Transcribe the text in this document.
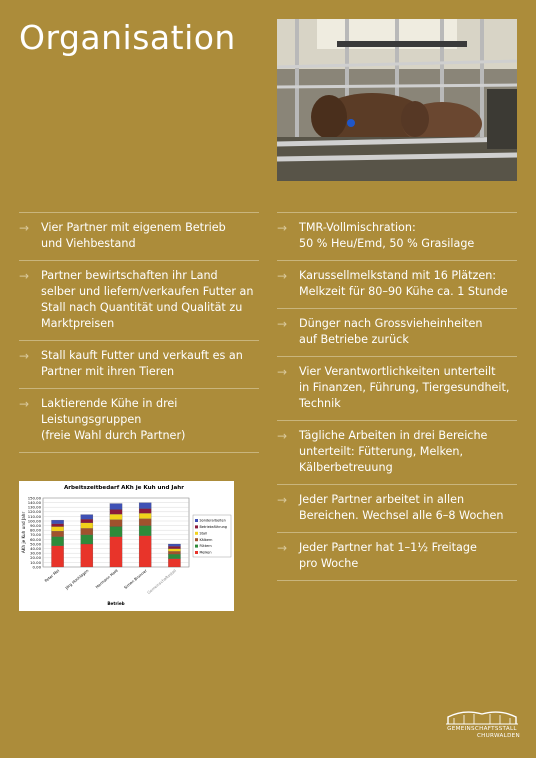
Organisation
→ Vier Partner mit eigenem Betrieb
und Viehbestand
→ Partner bewirtschaften ihr Land
selber und liefern/verkaufen Futter an
Stall nach Quantität und Qualität zu
Marktpreisen
→ Stall kauft Futter und verkauft es an
Partner mit ihren Tieren
→ Laktierende Kühe in drei
Leistungsgruppen
(freie Wahl durch Partner)
→ TMR-Vollmischration:
50 % Heu/Emd, 50 % Grasilage
→ Karussellmelkstand mit 16 Plätzen:
Melkzeit für 80–90 Kühe ca. 1 Stunde
→ Dünger nach Grossvieheinheiten
auf Betriebe zurück
→ Vier Verantwortlichkeiten unterteilt
in Finanzen, Führung, Tiergesundheit,
Technik
→ Tägliche Arbeiten in drei Bereiche
unterteilt: Fütterung, Melken,
Kälberbetreuung
→ Jeder Partner arbeitet in allen
Bereichen. Wechsel alle 6–8 Wochen
→ Jeder Partner hat 1–1½ Freitage
pro Woche
Arbeitszeitbedarf AKh je Kuh und Jahr
0.00
10.00
20.00
30.00
40.00
50.00
60.00
70.00
80.00
90.00
100.00
110.00
120.00
130.00
140.00
150.00
AKh je Kuh und Jahr
Peter Mei Jörg Hochlagen Hermann Hold Simon Brunner
Gemeinschaftsstall
Betrieb
Sonderarbeiten
Betriebsführung
Stall
Kälbern
Füttern
Melken
GEMEINSCHAFTSSTALL
CHURWALDEN
